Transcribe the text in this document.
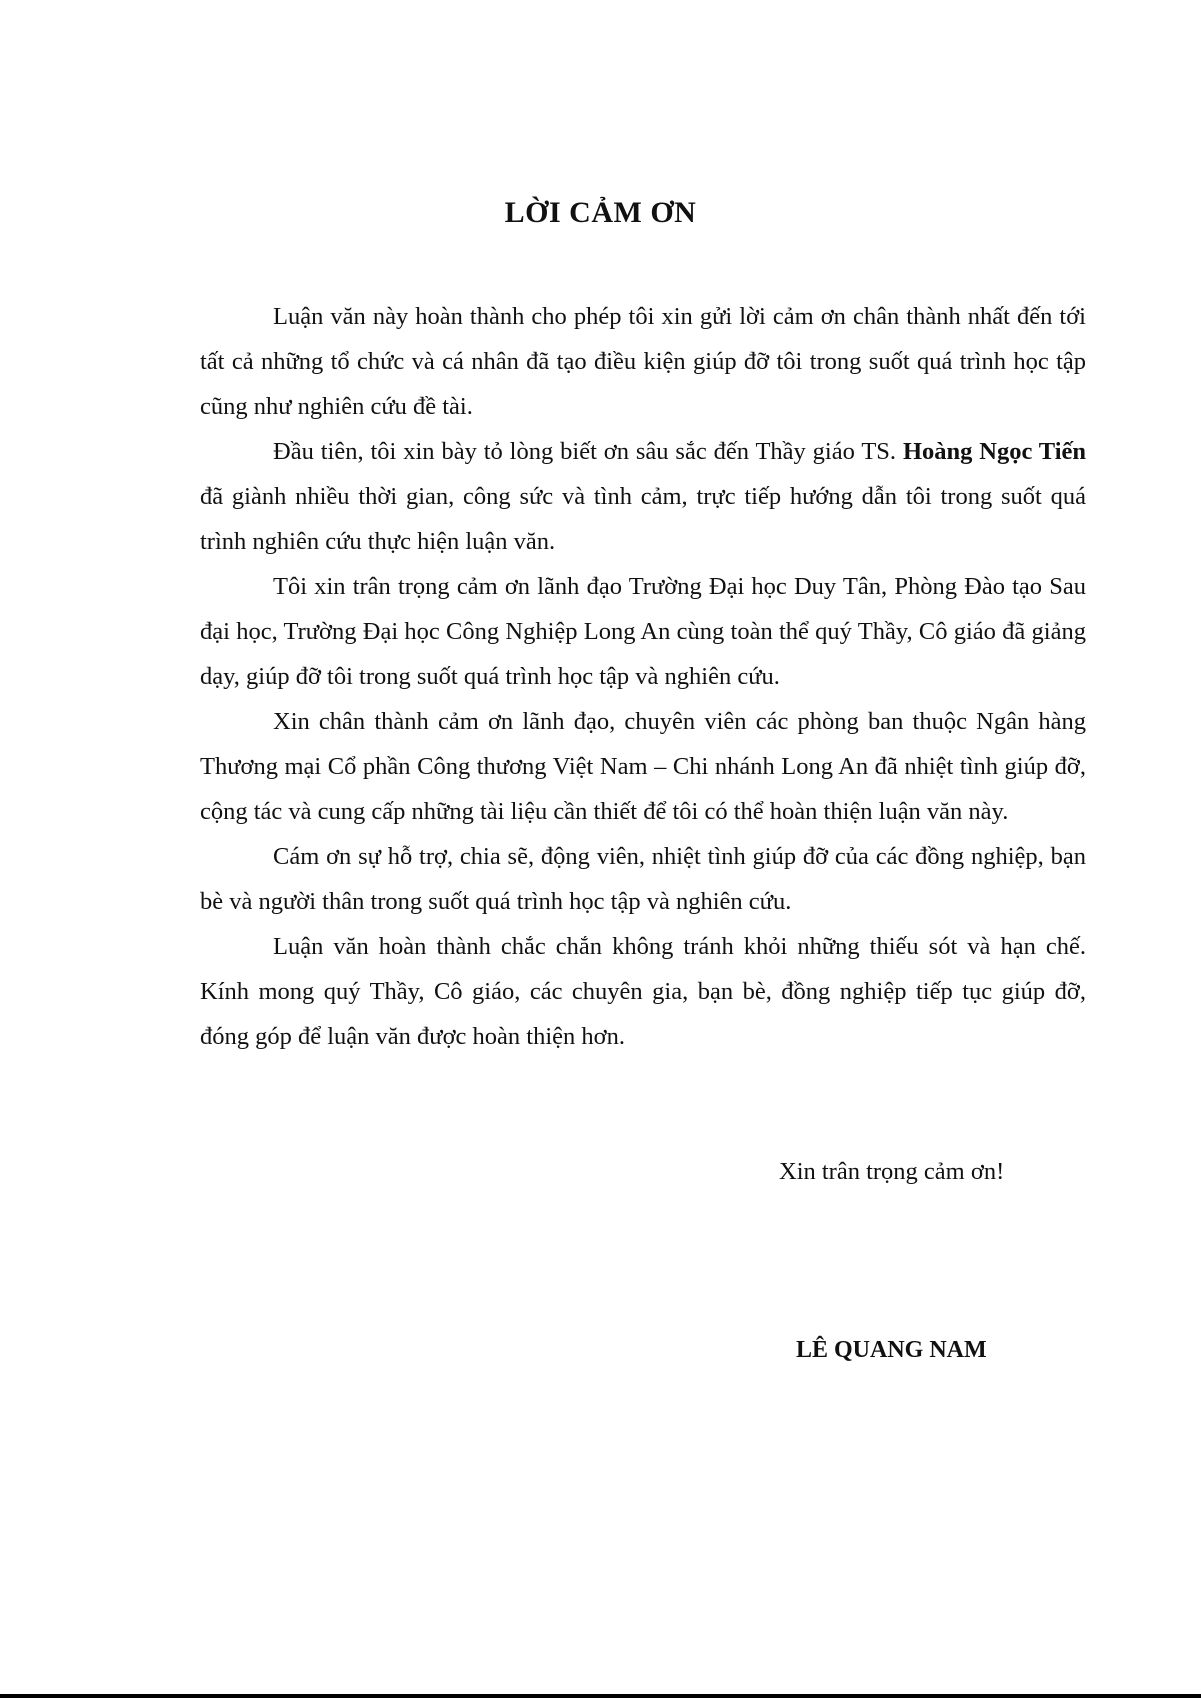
LỜI CẢM ƠN

Luận văn này hoàn thành cho phép tôi xin gửi lời cảm ơn chân thành nhất đến tới tất cả những tổ chức và cá nhân đã tạo điều kiện giúp đỡ tôi trong suốt quá trình học tập cũng như nghiên cứu đề tài.

Đầu tiên, tôi xin bày tỏ lòng biết ơn sâu sắc đến Thầy giáo TS. Hoàng Ngọc Tiến đã giành nhiều thời gian, công sức và tình cảm, trực tiếp hướng dẫn tôi trong suốt quá trình nghiên cứu thực hiện luận văn.

Tôi xin trân trọng cảm ơn lãnh đạo Trường Đại học Duy Tân, Phòng Đào tạo Sau đại học, Trường Đại học Công Nghiệp Long An cùng toàn thể quý Thầy, Cô giáo đã giảng dạy, giúp đỡ tôi trong suốt quá trình học tập và nghiên cứu.

Xin chân thành cảm ơn lãnh đạo, chuyên viên các phòng ban thuộc Ngân hàng Thương mại Cổ phần Công thương Việt Nam – Chi nhánh Long An đã nhiệt tình giúp đỡ, cộng tác và cung cấp những tài liệu cần thiết để tôi có thể hoàn thiện luận văn này.

Cám ơn sự hỗ trợ, chia sẽ, động viên, nhiệt tình giúp đỡ của các đồng nghiệp, bạn bè và người thân trong suốt quá trình học tập và nghiên cứu.

Luận văn hoàn thành chắc chắn không tránh khỏi những thiếu sót và hạn chế. Kính mong quý Thầy, Cô giáo, các chuyên gia, bạn bè, đồng nghiệp tiếp tục giúp đỡ, đóng góp để luận văn được hoàn thiện hơn.

Xin trân trọng cảm ơn!

LÊ QUANG NAM
